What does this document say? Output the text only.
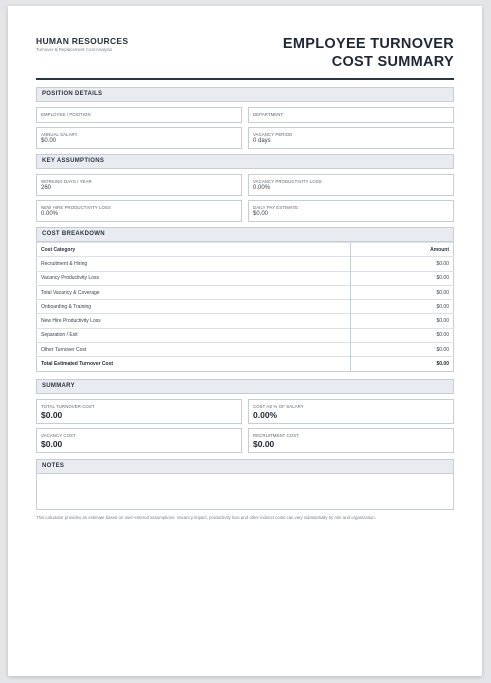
HUMAN RESOURCES
Turnover & Replacement Cost Analysis	EMPLOYEE TURNOVER
COST SUMMARY
POSITION DETAILS
EMPLOYEE / POSITION	DEPARTMENT
ANNUAL SALARY
$0.00
VACANCY PERIOD
0 days
KEY ASSUMPTIONS
WORKING DAYS / YEAR
260
VACANCY PRODUCTIVITY LOSS
0.00%
NEW HIRE PRODUCTIVITY LOSS
0.00%
DAILY PAY ESTIMATE
$0.00
COST BREAKDOWN
Cost Category	Amount
Recruitment & Hiring	$0.00
Vacancy Productivity Loss	$0.00
Total Vacancy & Coverage	$0.00
Onboarding & Training	$0.00
New Hire Productivity Loss	$0.00
Separation / Exit	$0.00
Other Turnover Cost	$0.00
Total Estimated Turnover Cost	$0.00
SUMMARY
TOTAL TURNOVER COST
$0.00
COST AS % OF SALARY
0.00%
VACANCY COST
$0.00
RECRUITMENT COST
$0.00
NOTES
This calculator provides an estimate based on user-entered assumptions. Vacancy impact, productivity loss and other indirect costs can vary substantially by role and organization.
